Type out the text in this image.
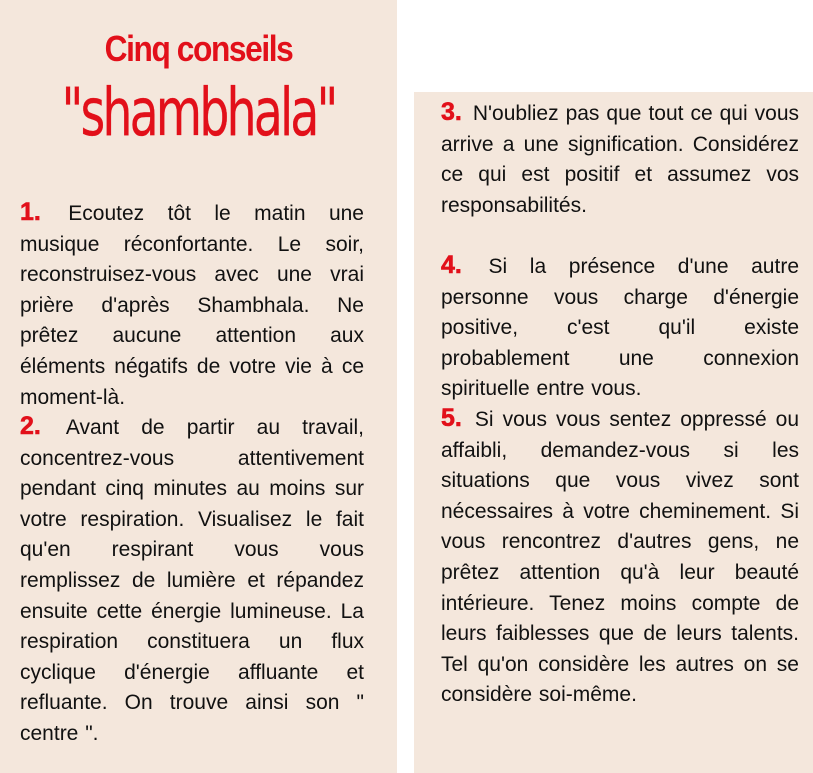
Cinq conseils
"shambhala"

1. Ecoutez tôt le matin une musique réconfortante. Le soir, reconstruisez-vous avec une vrai prière d'après Shambhala. Ne prêtez aucune attention aux éléments négatifs de votre vie à ce moment-là.

2. Avant de partir au travail, concentrez-vous attentivement pendant cinq minutes au moins sur votre respiration. Visualisez le fait qu'en respirant vous vous remplissez de lumière et répandez ensuite cette énergie lumineuse. La respiration constituera un flux cyclique d'énergie affluante et refluante. On trouve ainsi son " centre ".

3. N'oubliez pas que tout ce qui vous arrive a une signification. Considérez ce qui est positif et assumez vos responsabilités.

4. Si la présence d'une autre personne vous charge d'énergie positive, c'est qu'il existe probablement une connexion spirituelle entre vous.

5. Si vous vous sentez oppressé ou affaibli, demandez-vous si les situations que vous vivez sont nécessaires à votre cheminement. Si vous rencontrez d'autres gens, ne prêtez attention qu'à leur beauté intérieure. Tenez moins compte de leurs faiblesses que de leurs talents. Tel qu'on considère les autres on se considère soi-même.
